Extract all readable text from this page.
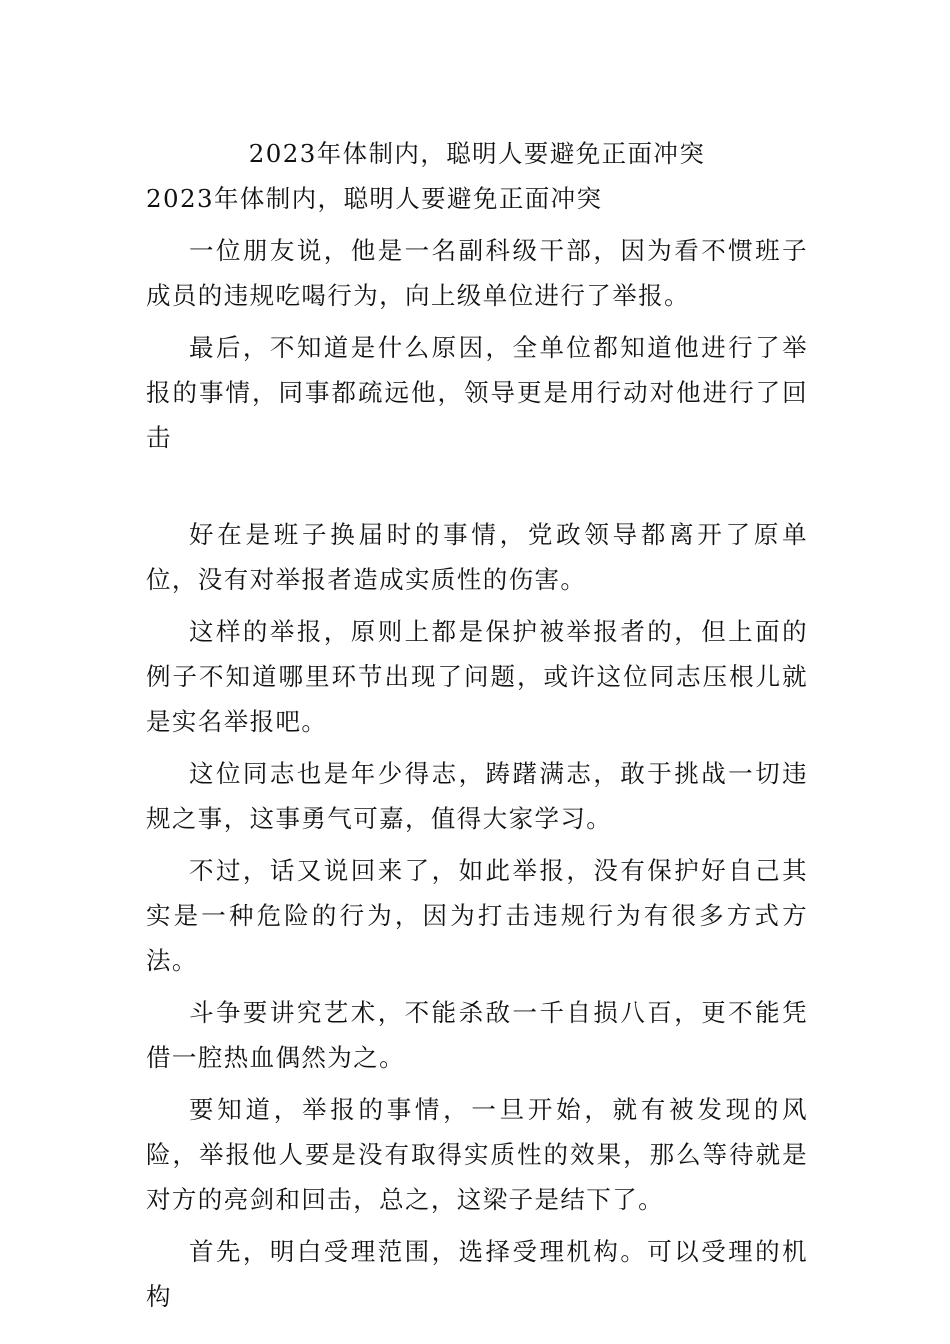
2023年体制内，聪明人要避免正面冲突
2023年体制内，聪明人要避免正面冲突

一位朋友说，他是一名副科级干部，因为看不惯班子成员的违规吃喝行为，向上级单位进行了举报。

最后，不知道是什么原因，全单位都知道他进行了举报的事情，同事都疏远他，领导更是用行动对他进行了回击

好在是班子换届时的事情，党政领导都离开了原单位，没有对举报者造成实质性的伤害。

这样的举报，原则上都是保护被举报者的，但上面的例子不知道哪里环节出现了问题，或许这位同志压根儿就是实名举报吧。

这位同志也是年少得志，踌躇满志，敢于挑战一切违规之事，这事勇气可嘉，值得大家学习。

不过，话又说回来了，如此举报，没有保护好自己其实是一种危险的行为，因为打击违规行为有很多方式方法。

斗争要讲究艺术，不能杀敌一千自损八百，更不能凭借一腔热血偶然为之。

要知道，举报的事情，一旦开始，就有被发现的风险，举报他人要是没有取得实质性的效果，那么等待就是对方的亮剑和回击，总之，这梁子是结下了。

首先，明白受理范围，选择受理机构。可以受理的机构
